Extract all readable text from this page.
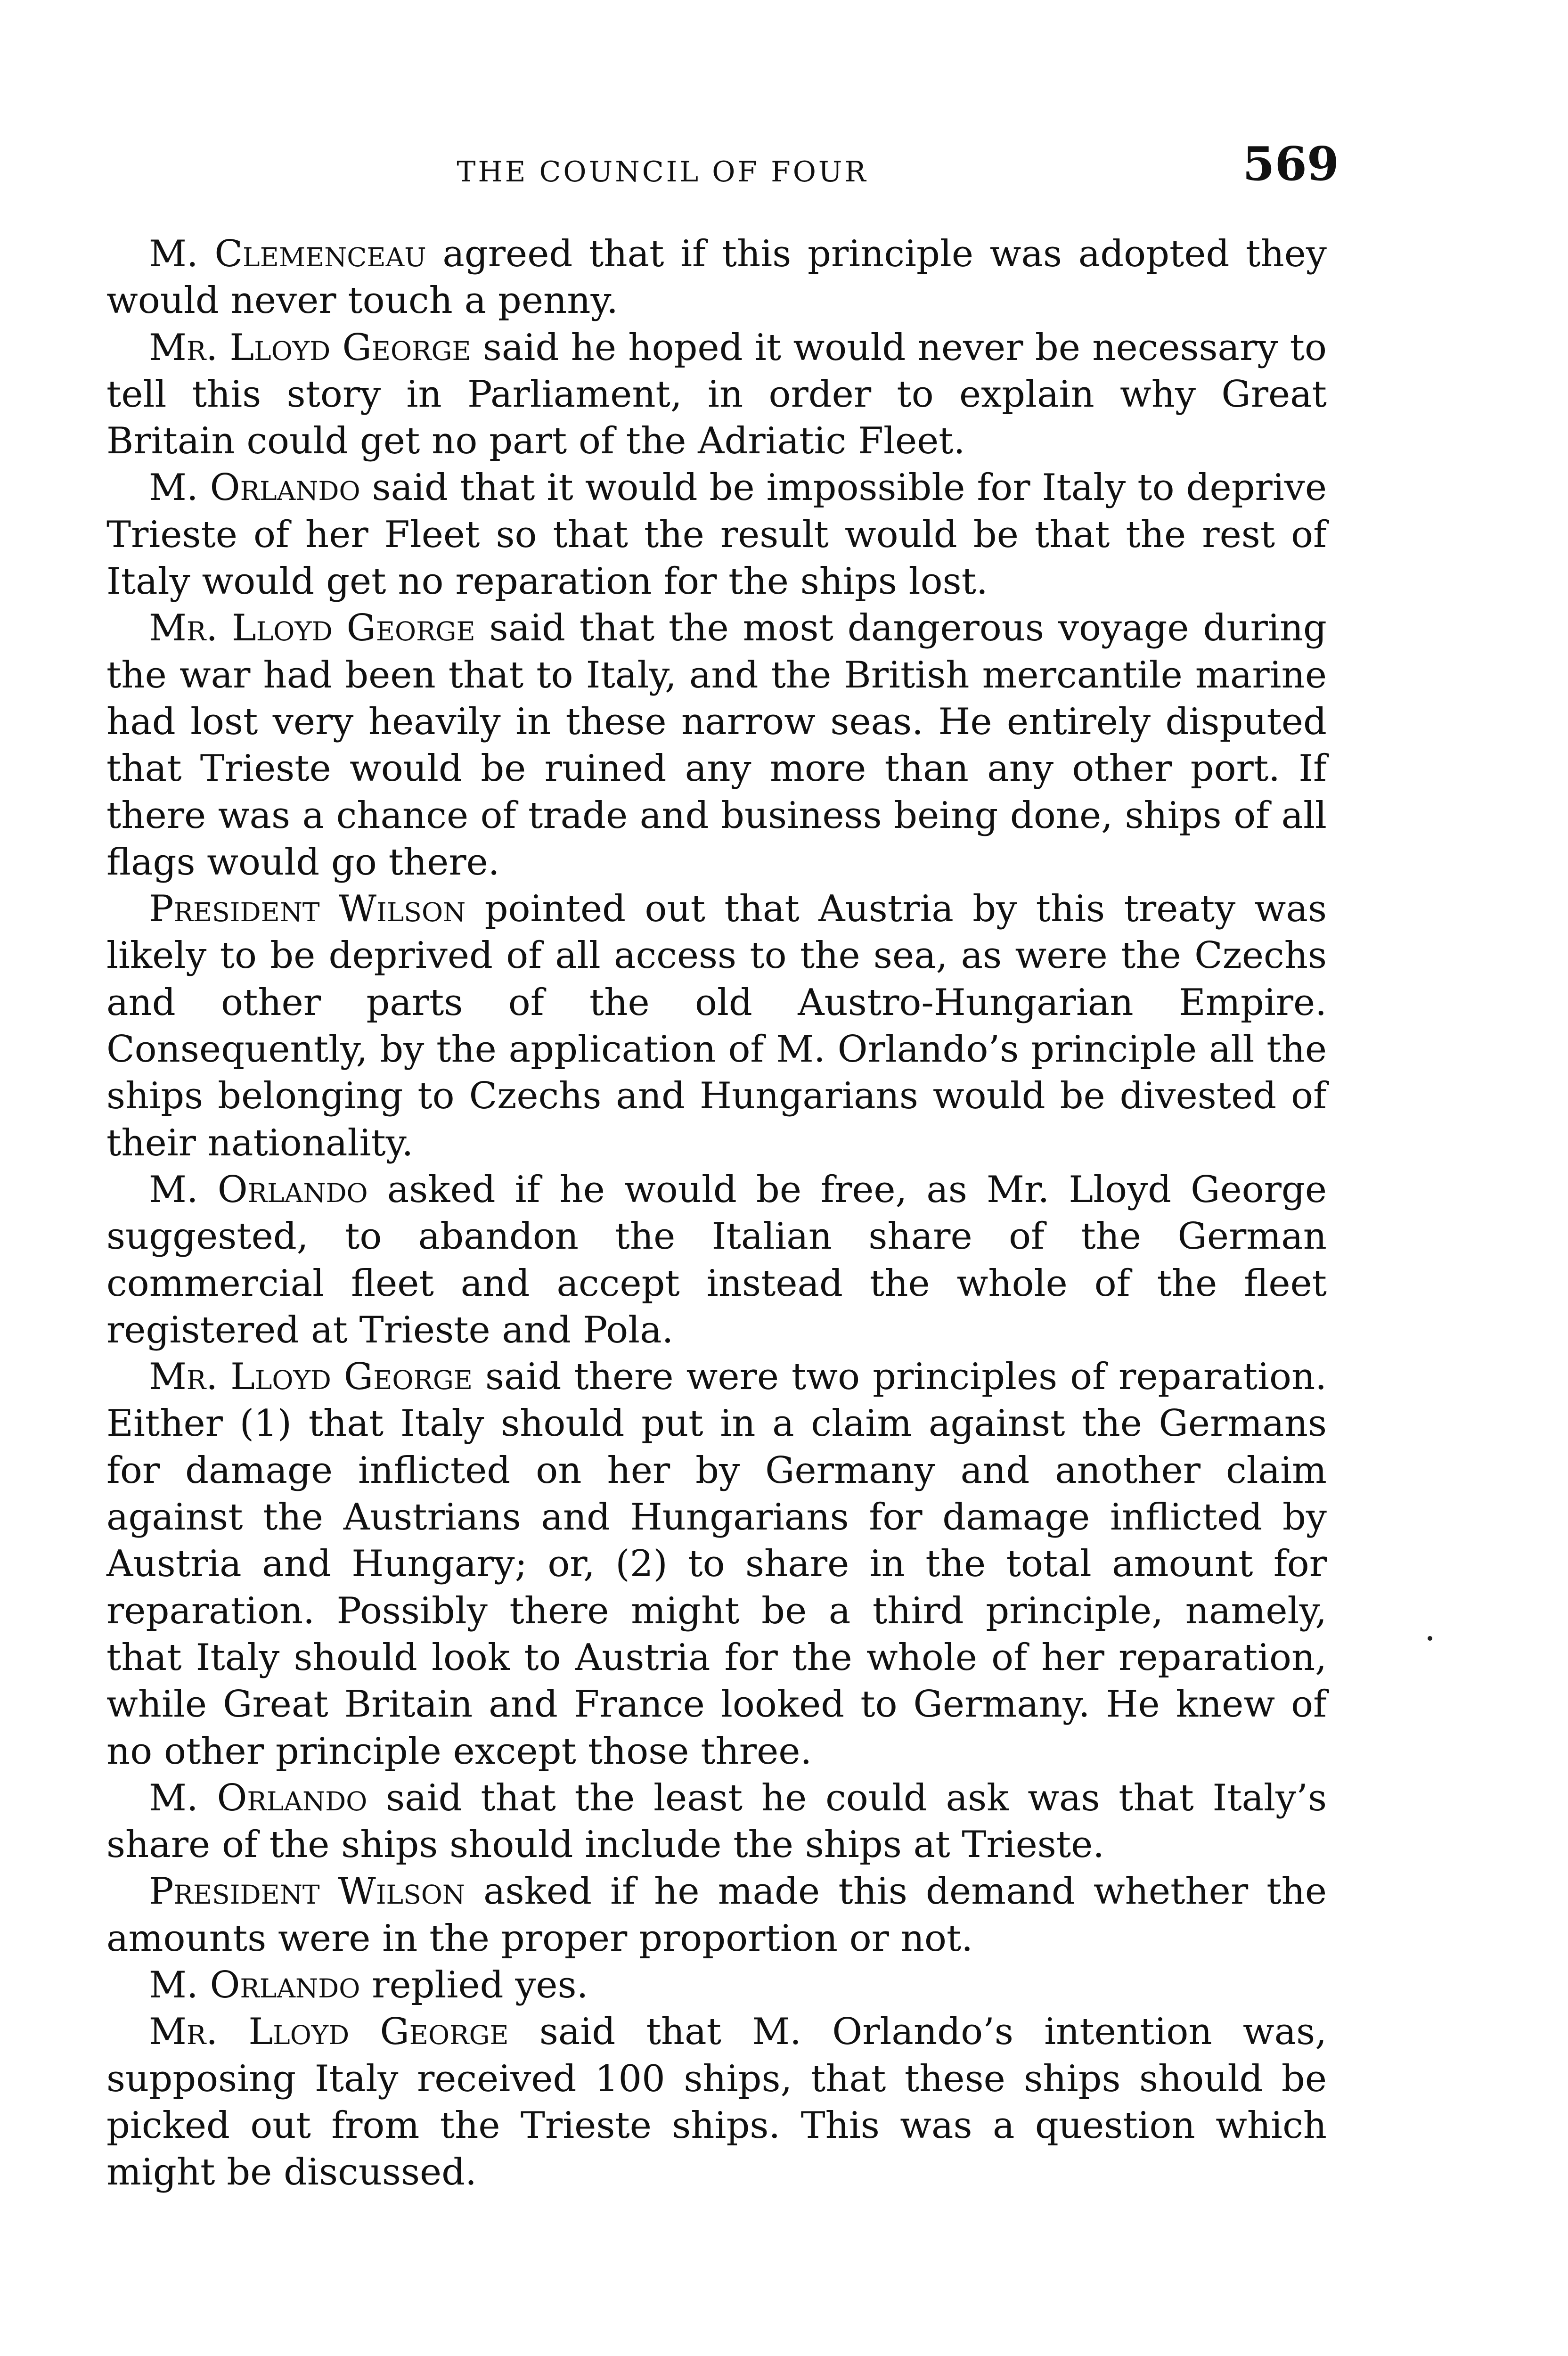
THE COUNCIL OF FOUR	569

M. Clemenceau agreed that if this principle was adopted they would never touch a penny.

Mr. Lloyd George said he hoped it would never be necessary to tell this story in Parliament, in order to explain why Great Britain could get no part of the Adriatic Fleet.

M. Orlando said that it would be impossible for Italy to deprive Trieste of her Fleet so that the result would be that the rest of Italy would get no reparation for the ships lost.

Mr. Lloyd George said that the most dangerous voyage during the war had been that to Italy, and the British mercantile marine had lost very heavily in these narrow seas. He entirely disputed that Trieste would be ruined any more than any other port. If there was a chance of trade and business being done, ships of all flags would go there.

President Wilson pointed out that Austria by this treaty was likely to be deprived of all access to the sea, as were the Czechs and other parts of the old Austro-Hungarian Empire. Consequently, by the application of M. Orlando’s principle all the ships belonging to Czechs and Hungarians would be divested of their nationality.

M. Orlando asked if he would be free, as Mr. Lloyd George suggested, to abandon the Italian share of the German commercial fleet and accept instead the whole of the fleet registered at Trieste and Pola.

Mr. Lloyd George said there were two principles of reparation. Either (1) that Italy should put in a claim against the Germans for damage inflicted on her by Germany and another claim against the Austrians and Hungarians for damage inflicted by Austria and Hungary; or, (2) to share in the total amount for reparation. Possibly there might be a third principle, namely, that Italy should look to Austria for the whole of her reparation, while Great Britain and France looked to Germany. He knew of no other principle except those three.

M. Orlando said that the least he could ask was that Italy’s share of the ships should include the ships at Trieste.

President Wilson asked if he made this demand whether the amounts were in the proper proportion or not.

M. Orlando replied yes.

Mr. Lloyd George said that M. Orlando’s intention was, supposing Italy received 100 ships, that these ships should be picked out from the Trieste ships. This was a question which might be discussed.
